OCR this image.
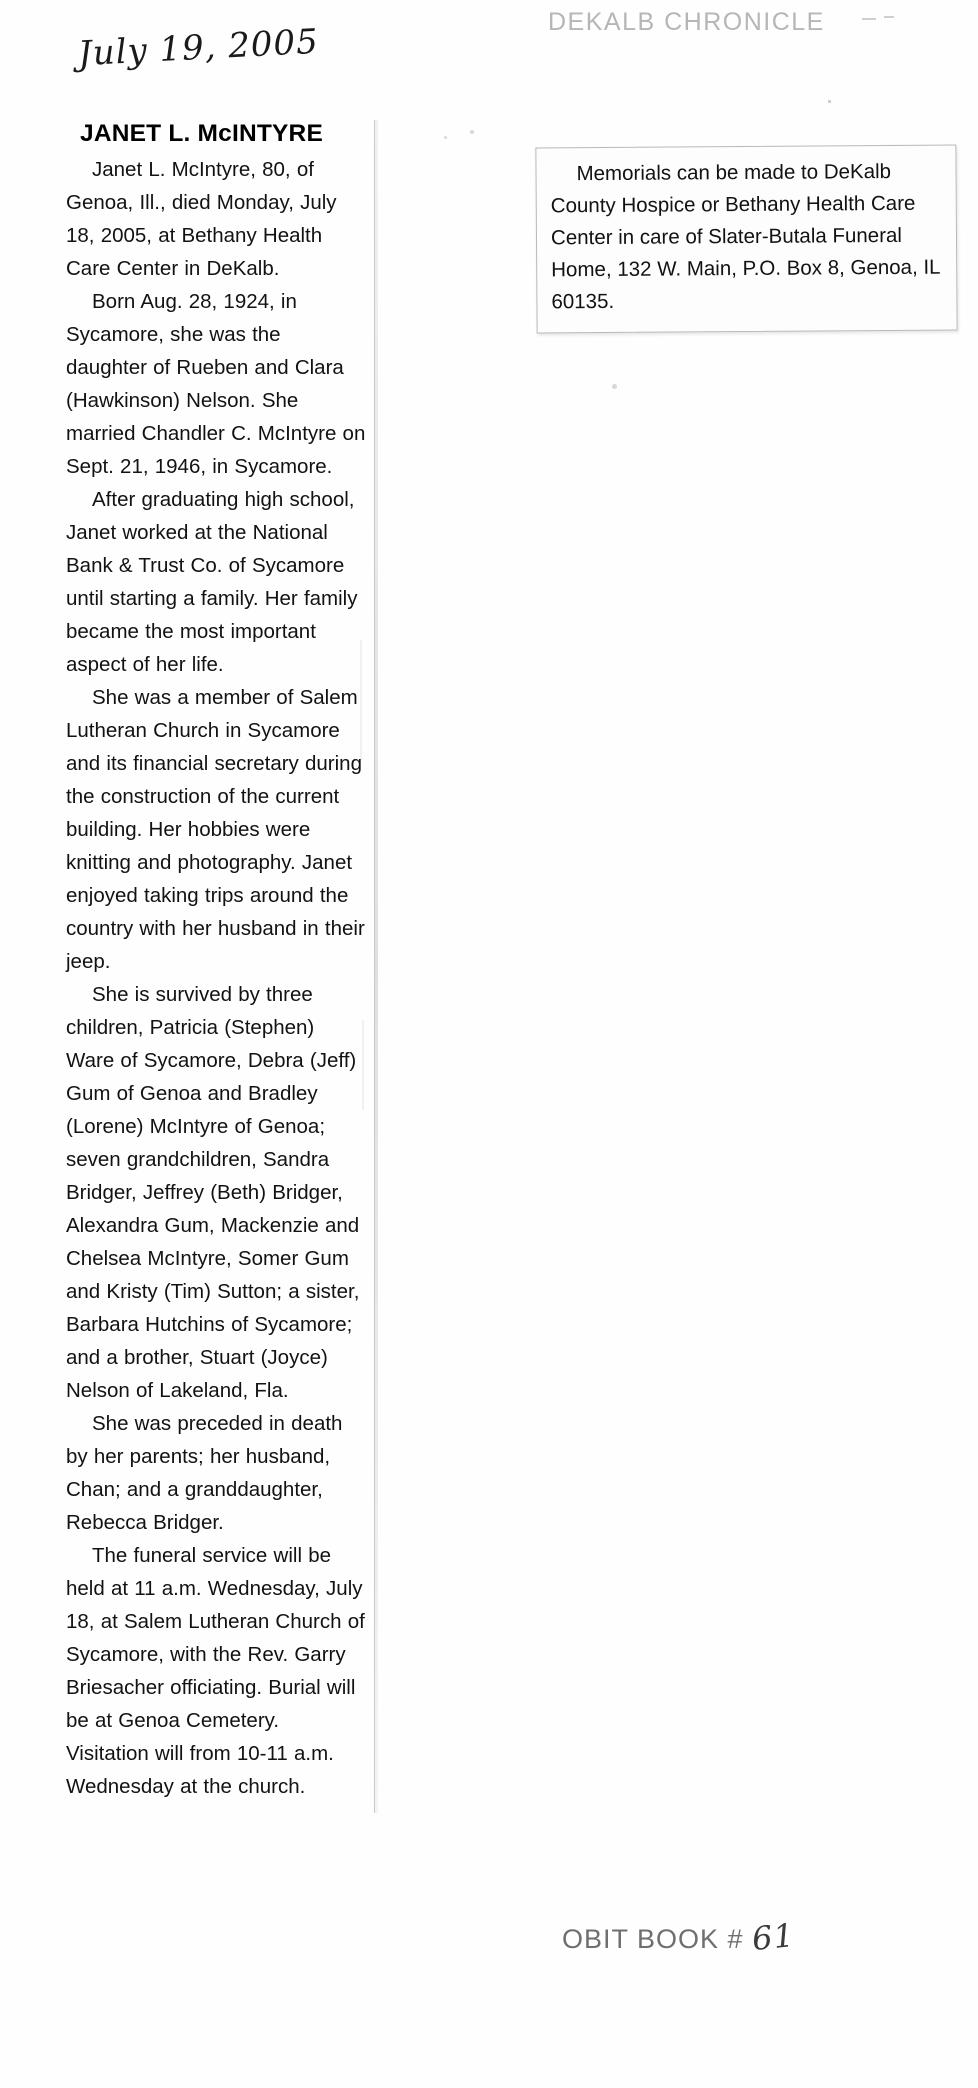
July 19, 2005	DEKALB CHRONICLE
JANET L. McINTYRE

Janet L. McIntyre, 80, of Genoa, Ill., died Monday, July 18, 2005, at Bethany Health Care Center in DeKalb.

Born Aug. 28, 1924, in Sycamore, she was the daughter of Rueben and Clara (Hawkinson) Nelson. She married Chandler C. McIntyre on Sept. 21, 1946, in Sycamore.

After graduating high school, Janet worked at the National Bank & Trust Co. of Sycamore until starting a family. Her family became the most important aspect of her life.

She was a member of Salem Lutheran Church in Sycamore and its financial secretary during the construction of the current building. Her hobbies were knitting and photography. Janet enjoyed taking trips around the country with her husband in their jeep.

She is survived by three children, Patricia (Stephen) Ware of Sycamore, Debra (Jeff) Gum of Genoa and Bradley (Lorene) McIntyre of Genoa; seven grandchildren, Sandra Bridger, Jeffrey (Beth) Bridger, Alexandra Gum, Mackenzie and Chelsea McIntyre, Somer Gum and Kristy (Tim) Sutton; a sister, Barbara Hutchins of Sycamore; and a brother, Stuart (Joyce) Nelson of Lakeland, Fla.

She was preceded in death by her parents; her husband, Chan; and a granddaughter, Rebecca Bridger.

The funeral service will be held at 11 a.m. Wednesday, July 18, at Salem Lutheran Church of Sycamore, with the Rev. Garry Briesacher officiating. Burial will be at Genoa Cemetery. Visitation will from 10-11 a.m. Wednesday at the church.

Memorials can be made to DeKalb County Hospice or Bethany Health Care Center in care of Slater-Butala Funeral Home, 132 W. Main, P.O. Box 8, Genoa, IL 60135.

OBIT BOOK # 61
